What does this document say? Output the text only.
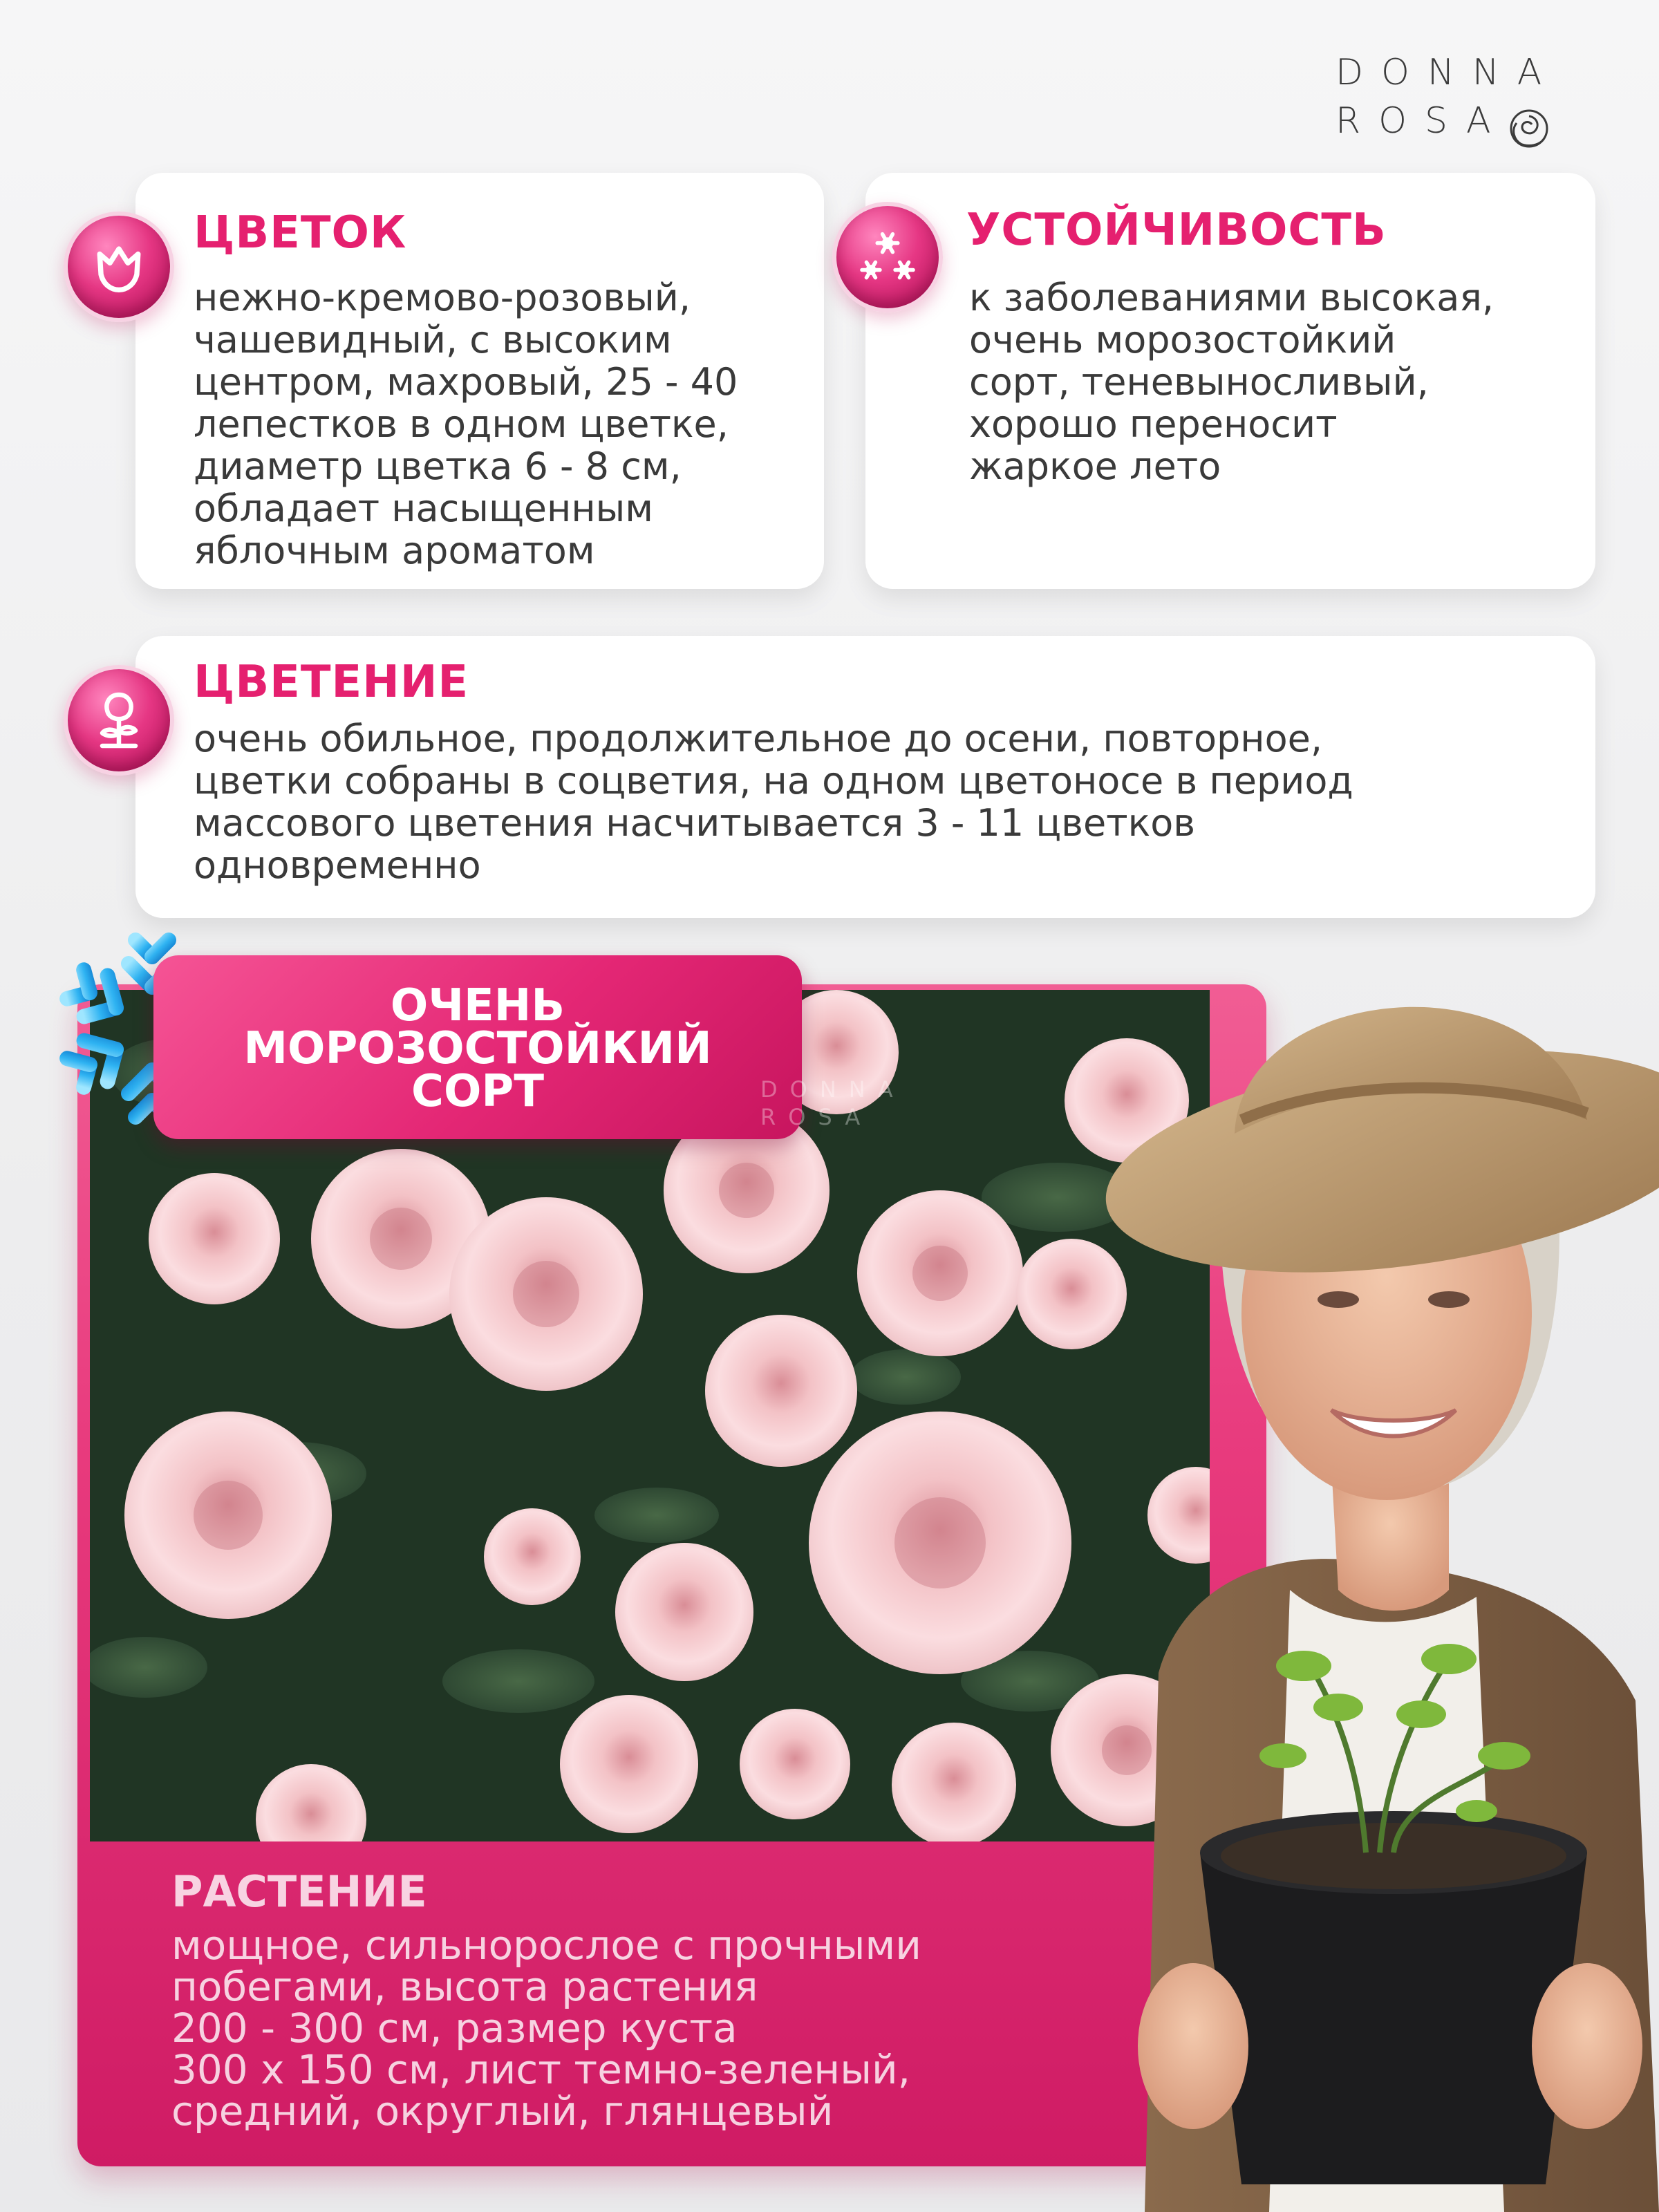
DONNA
ROSA
ЦВЕТОК

нежно-кремово-розовый,
чашевидный, с высоким
центром, махровый, 25 - 40
лепестков в одном цветке,
диаметр цветка 6 - 8 см,
обладает насыщенным
яблочным ароматом

УСТОЙЧИВОСТЬ

к заболеваниями высокая,
очень морозостойкий
сорт, теневыносливый,
хорошо переносит
жаркое лето

ЦВЕТЕНИЕ

очень обильное, продолжительное до осени, повторное,
цветки собраны в соцветия, на одном цветоносе в период
массового цветения насчитывается 3 - 11 цветков
одновременно

ОЧЕНЬ
МОРОЗОСТОЙКИЙ
СОРТ	DONNA
ROSA
РАСТЕНИЕ

мощное, сильнорослое с прочными
побегами, высота растения
200 - 300 см, размер куста
300 х 150 см, лист темно-зеленый,
средний, округлый, глянцевый
